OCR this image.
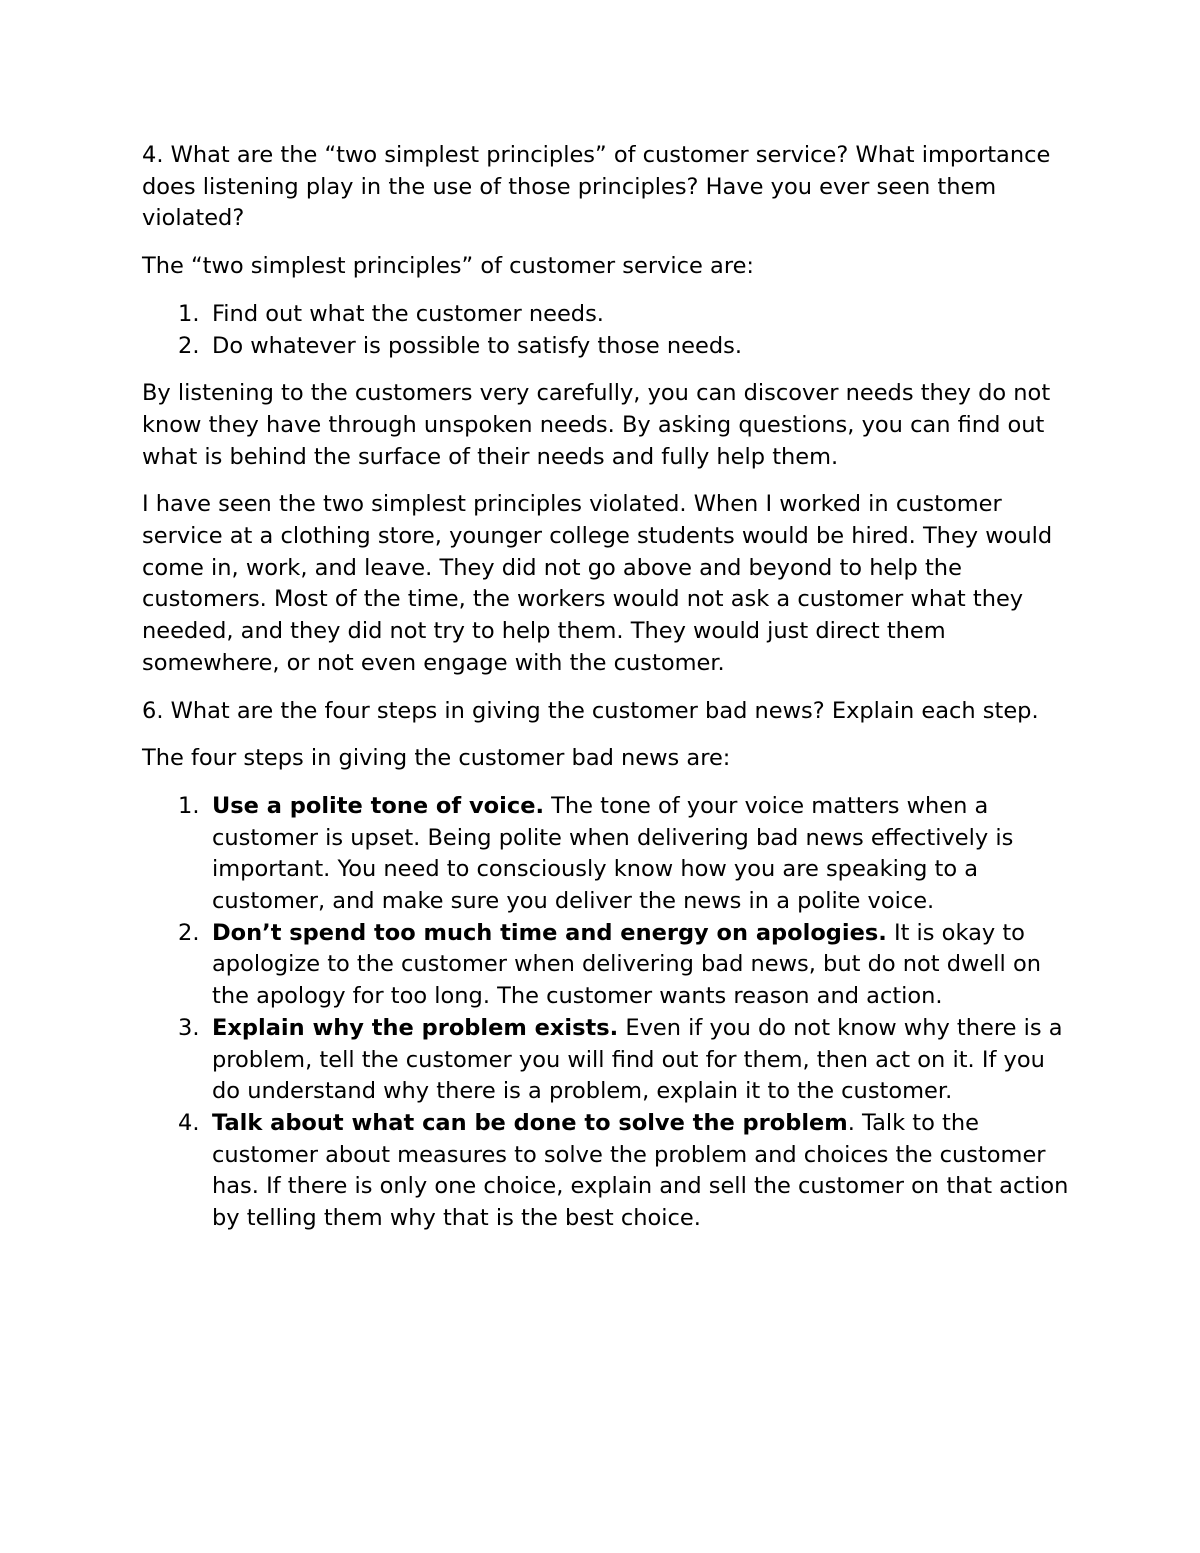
4. What are the “two simplest principles” of customer service? What importance does listening play in the use of those principles? Have you ever seen them violated?

The “two simplest principles” of customer service are:

1. Find out what the customer needs.
2. Do whatever is possible to satisfy those needs.

By listening to the customers very carefully, you can discover needs they do not know they have through unspoken needs. By asking questions, you can find out what is behind the surface of their needs and fully help them.

I have seen the two simplest principles violated. When I worked in customer service at a clothing store, younger college students would be hired. They would come in, work, and leave. They did not go above and beyond to help the customers. Most of the time, the workers would not ask a customer what they needed, and they did not try to help them. They would just direct them somewhere, or not even engage with the customer.

6. What are the four steps in giving the customer bad news? Explain each step.

The four steps in giving the customer bad news are:

1. Use a polite tone of voice. The tone of your voice matters when a customer is upset. Being polite when delivering bad news effectively is important. You need to consciously know how you are speaking to a customer, and make sure you deliver the news in a polite voice.
2. Don’t spend too much time and energy on apologies. It is okay to apologize to the customer when delivering bad news, but do not dwell on the apology for too long. The customer wants reason and action.
3. Explain why the problem exists. Even if you do not know why there is a problem, tell the customer you will find out for them, then act on it. If you do understand why there is a problem, explain it to the customer.
4. Talk about what can be done to solve the problem. Talk to the customer about measures to solve the problem and choices the customer has. If there is only one choice, explain and sell the customer on that action by telling them why that is the best choice.
